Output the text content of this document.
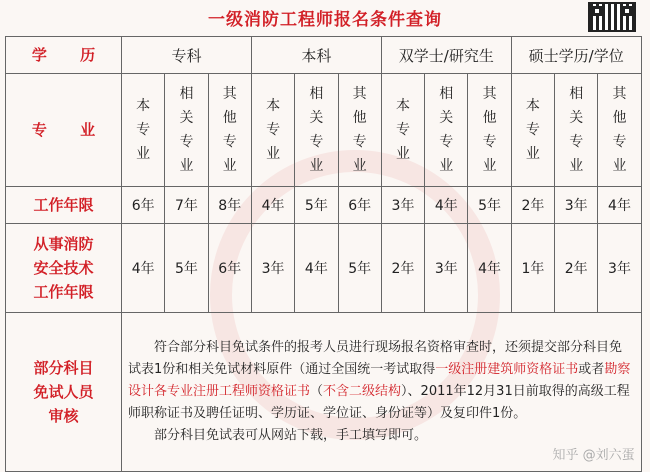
一级消防工程师报名条件查询
学 历	专科			本科			双学士/研究生			硕士学历/学位		
专 业	本专业	相关专业	其他专业	本专业	相关专业	其他专业	本专业	相关专业	其他专业	本专业	相关专业	其他专业
工作年限	6年	7年	8年	4年	5年	6年	3年	4年	5年	2年	3年	4年
从事消防
安全技术
工作年限	4年	5年	6年	3年	4年	5年	2年	3年	4年	1年	2年	3年
部分科目
免试人员
审核	符合部分科目免试条件的报考人员进行现场报名资格审查时，还须提交部分科目免试表1份和相关免试材料原件（通过全国统一考试取得一级注册建筑师资格证书或者勘察设计各专业注册工程师资格证书（不含二级结构）、2011年12月31日前取得的高级工程师职称证书及聘任证明、学历证、学位证、身份证等）及复印件1份。
部分科目免试表可从网站下载，手工填写即可。
知乎 @刘六蛋											
